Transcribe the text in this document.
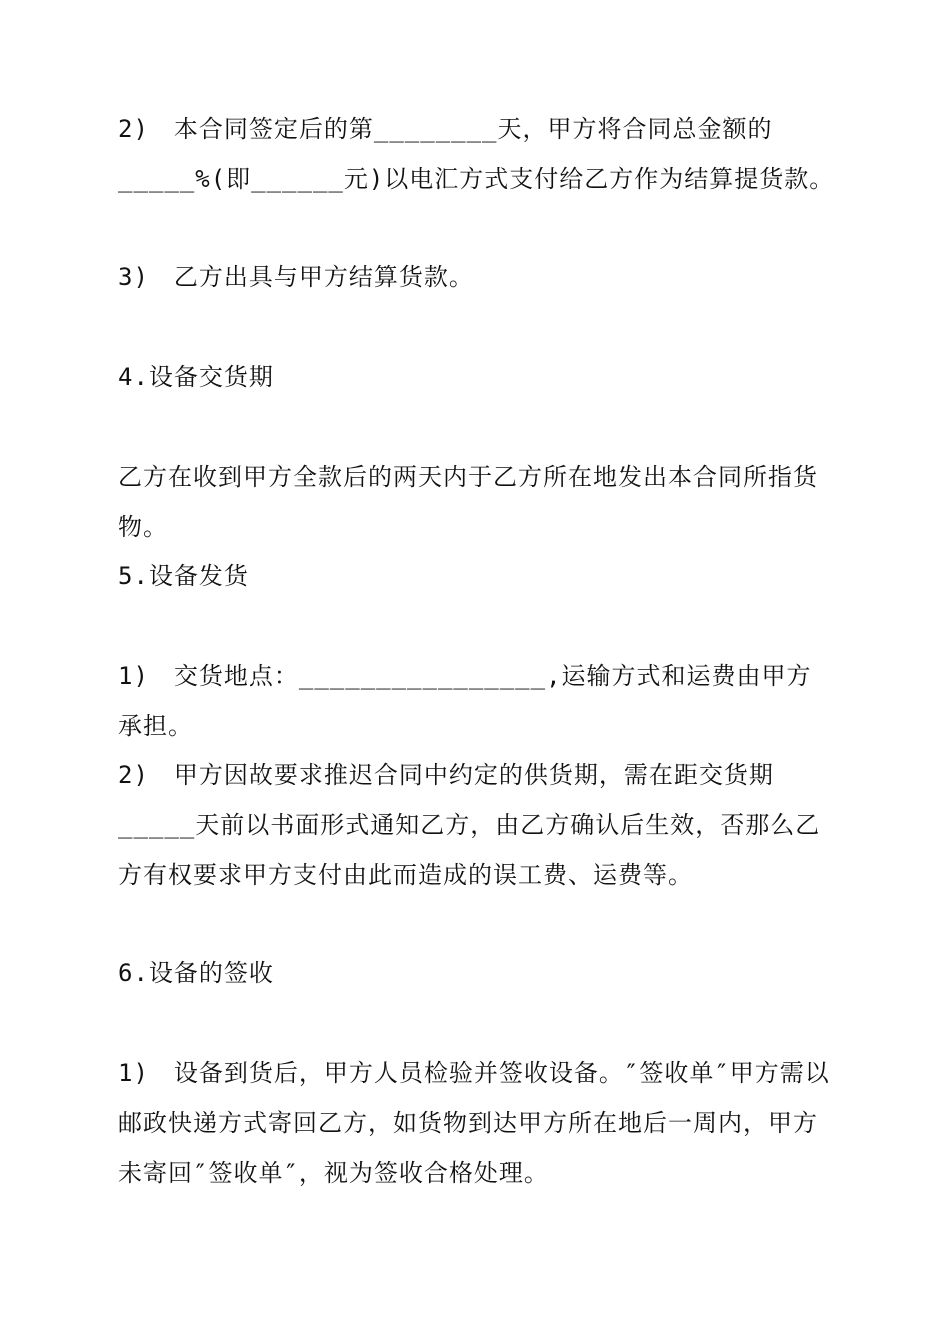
2)　本合同签定后的第________天，甲方将合同总金额的_____%(即______元)以电汇方式支付给乙方作为结算提货款。

3)　乙方出具与甲方结算货款。

4.设备交货期

乙方在收到甲方全款后的两天内于乙方所在地发出本合同所指货物。

5.设备发货

1)　交货地点：________________,运输方式和运费由甲方承担。

2)　甲方因故要求推迟合同中约定的供货期，需在距交货期_____天前以书面形式通知乙方，由乙方确认后生效，否那么乙方有权要求甲方支付由此而造成的误工费、运费等。

6.设备的签收

1)　设备到货后，甲方人员检验并签收设备。″签收单″甲方需以邮政快递方式寄回乙方，如货物到达甲方所在地后一周内，甲方未寄回″签收单″，视为签收合格处理。
